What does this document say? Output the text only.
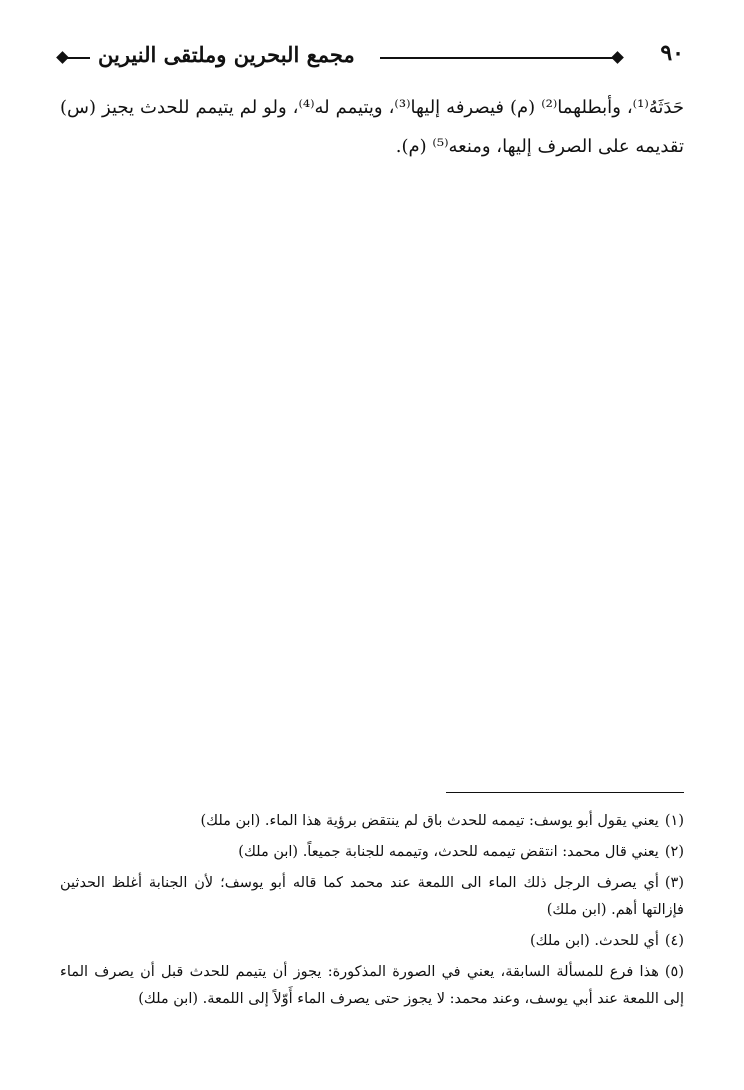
٩٠
مجمع البحرين وملتقى النيرين

حَدَثَهُ⁽¹⁾، وأبطلهما⁽²⁾ (م) فيصرفه إليها⁽³⁾، ويتيمم له⁽⁴⁾، ولو لم يتيمم للحدث يجيز (س) تقديمه على الصرف إليها، ومنعه⁽⁵⁾ (م).

(١)يعني يقول أبو يوسف: تيممه للحدث باق لم ينتقض برؤية هذا الماء. (ابن ملك)

(٢)يعني قال محمد: انتقض تيممه للحدث، وتيممه للجنابة جميعاً. (ابن ملك)

(٣)أي يصرف الرجل ذلك الماء الى اللمعة عند محمد كما قاله أبو يوسف؛ لأن الجنابة أغلظ الحدثين فإزالتها أهم. (ابن ملك)

(٤)أي للحدث. (ابن ملك)

(٥)هذا فرع للمسألة السابقة، يعني في الصورة المذكورة: يجوز أن يتيمم للحدث قبل أن يصرف الماء إلى اللمعة عند أبي يوسف، وعند محمد: لا يجوز حتى يصرف الماء أَوّلاً إلى اللمعة. (ابن ملك)
